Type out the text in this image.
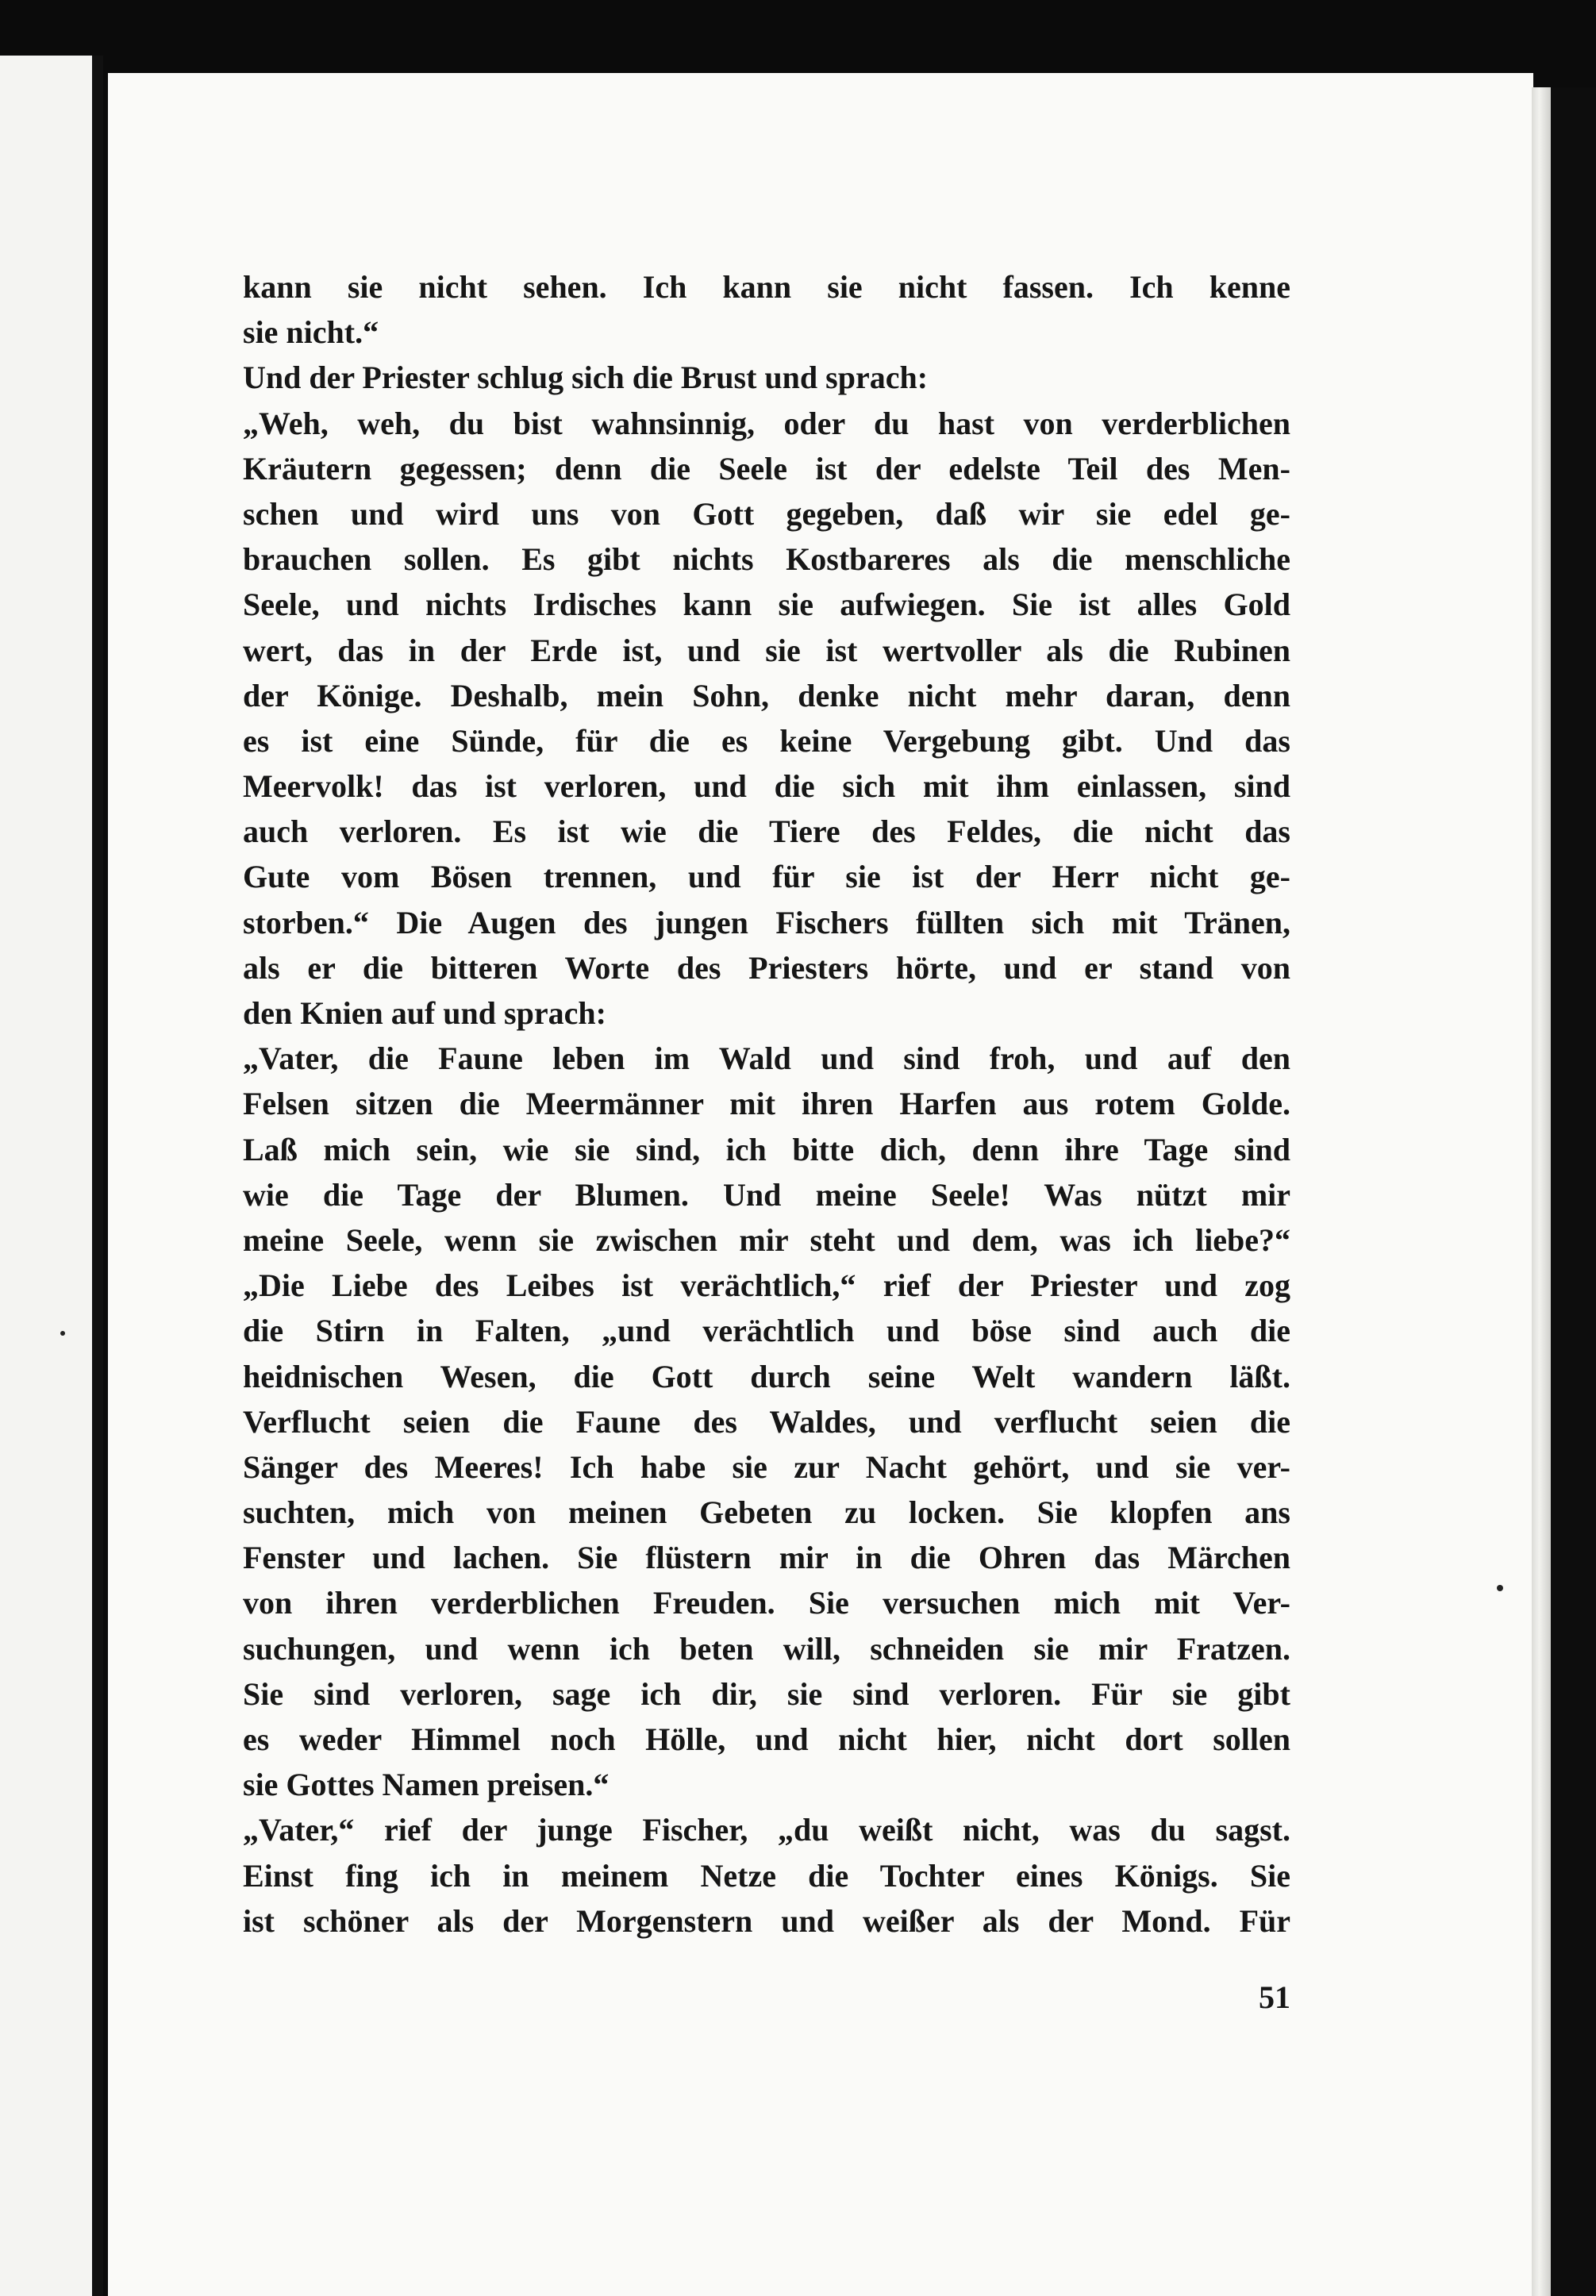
kann sie nicht sehen. Ich kann sie nicht fassen. Ich kenne
sie nicht.“
Und der Priester schlug sich die Brust und sprach:
„Weh, weh, du bist wahnsinnig, oder du hast von verderblichen
Kräutern gegessen; denn die Seele ist der edelste Teil des Men-
schen und wird uns von Gott gegeben, daß wir sie edel ge-
brauchen sollen. Es gibt nichts Kostbareres als die menschliche
Seele, und nichts Irdisches kann sie aufwiegen. Sie ist alles Gold
wert, das in der Erde ist, und sie ist wertvoller als die Rubinen
der Könige. Deshalb, mein Sohn, denke nicht mehr daran, denn
es ist eine Sünde, für die es keine Vergebung gibt. Und das
Meervolk! das ist verloren, und die sich mit ihm einlassen, sind
auch verloren. Es ist wie die Tiere des Feldes, die nicht das
Gute vom Bösen trennen, und für sie ist der Herr nicht ge-
storben.“ Die Augen des jungen Fischers füllten sich mit Tränen,
als er die bitteren Worte des Priesters hörte, und er stand von
den Knien auf und sprach:
„Vater, die Faune leben im Wald und sind froh, und auf den
Felsen sitzen die Meermänner mit ihren Harfen aus rotem Golde.
Laß mich sein, wie sie sind, ich bitte dich, denn ihre Tage sind
wie die Tage der Blumen. Und meine Seele! Was nützt mir
meine Seele, wenn sie zwischen mir steht und dem, was ich liebe?“
„Die Liebe des Leibes ist verächtlich,“ rief der Priester und zog
die Stirn in Falten, „und verächtlich und böse sind auch die
heidnischen Wesen, die Gott durch seine Welt wandern läßt.
Verflucht seien die Faune des Waldes, und verflucht seien die
Sänger des Meeres! Ich habe sie zur Nacht gehört, und sie ver-
suchten, mich von meinen Gebeten zu locken. Sie klopfen ans
Fenster und lachen. Sie flüstern mir in die Ohren das Märchen
von ihren verderblichen Freuden. Sie versuchen mich mit Ver-
suchungen, und wenn ich beten will, schneiden sie mir Fratzen.
Sie sind verloren, sage ich dir, sie sind verloren. Für sie gibt
es weder Himmel noch Hölle, und nicht hier, nicht dort sollen
sie Gottes Namen preisen.“
„Vater,“ rief der junge Fischer, „du weißt nicht, was du sagst.
Einst fing ich in meinem Netze die Tochter eines Königs. Sie
ist schöner als der Morgenstern und weißer als der Mond. Für
51
